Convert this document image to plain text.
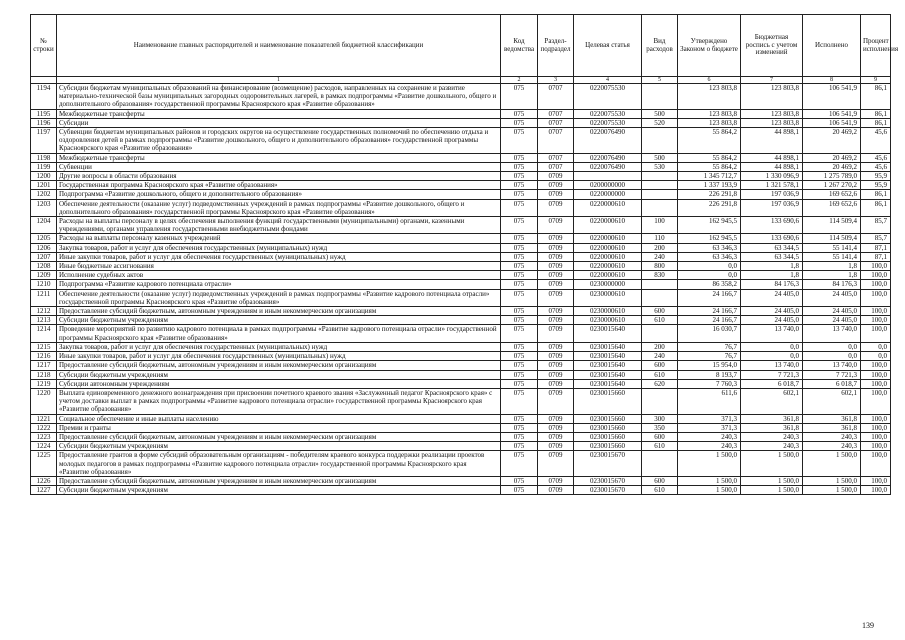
№ строки	Наименование главных распорядителей и наименование показателей бюджетной классификации	Код ведомства	Раздел-подраздел	Целевая статья	Вид расходов	Утверждено Законом о бюджете	Бюджетная роспись с учетом изменений	Исполнено	Процент исполнения
	1	2	3	4	5	6	7	8	9
1194	Субсидии бюджетам муниципальных образований на финансирование (возмещение) расходов, направленных на сохранение и развитие материально-технической базы муниципальных загородных оздоровительных лагерей, в рамках подпрограммы «Развитие дошкольного, общего и дополнительного образования» государственной программы Красноярского края «Развитие образования»	075	0707	0220075530		123 803,8	123 803,8	106 541,9	86,1
1195	Межбюджетные трансферты	075	0707	0220075530	500	123 803,8	123 803,8	106 541,9	86,1
1196	Субсидии	075	0707	0220075530	520	123 803,8	123 803,8	106 541,9	86,1
1197	Субвенции бюджетам муниципальных районов и городских округов на осуществление государственных полномочий по обеспечению отдыха и оздоровления детей в рамках подпрограммы «Развитие дошкольного, общего и дополнительного образования» государственной программы Красноярского края «Развитие образования»	075	0707	0220076490		55 864,2	44 898,1	20 469,2	45,6
1198	Межбюджетные трансферты	075	0707	0220076490	500	55 864,2	44 898,1	20 469,2	45,6
1199	Субвенции	075	0707	0220076490	530	55 864,2	44 898,1	20 469,2	45,6
1200	Другие вопросы в области образования	075	0709			1 345 712,7	1 330 096,9	1 275 789,0	95,9
1201	Государственная программа Красноярского края «Развитие образования»	075	0709	0200000000		1 337 193,9	1 321 578,1	1 267 270,2	95,9
1202	Подпрограмма «Развитие дошкольного, общего и дополнительного образования»	075	0709	0220000000		226 291,8	197 036,9	169 652,6	86,1
1203	Обеспечение деятельности (оказание услуг) подведомственных учреждений в рамках подпрограммы «Развитие дошкольного, общего и дополнительного образования» государственной программы Красноярского края «Развитие образования»	075	0709	0220000610		226 291,8	197 036,9	169 652,6	86,1
1204	Расходы на выплаты персоналу в целях обеспечения выполнения функций государственными (муниципальными) органами, казенными учреждениями, органами управления государственными внебюджетными фондами	075	0709	0220000610	100	162 945,5	133 690,6	114 509,4	85,7
1205	Расходы на выплаты персоналу казенных учреждений	075	0709	0220000610	110	162 945,5	133 690,6	114 509,4	85,7
1206	Закупка товаров, работ и услуг для обеспечения государственных (муниципальных) нужд	075	0709	0220000610	200	63 346,3	63 344,5	55 141,4	87,1
1207	Иные закупки товаров, работ и услуг для обеспечения государственных (муниципальных) нужд	075	0709	0220000610	240	63 346,3	63 344,5	55 141,4	87,1
1208	Иные бюджетные ассигнования	075	0709	0220000610	800	0,0	1,8	1,8	100,0
1209	Исполнение судебных актов	075	0709	0220000610	830	0,0	1,8	1,8	100,0
1210	Подпрограмма «Развитие кадрового потенциала отрасли»	075	0709	0230000000		86 358,2	84 176,3	84 176,3	100,0
1211	Обеспечение деятельности (оказание услуг) подведомственных учреждений в рамках подпрограммы «Развитие кадрового потенциала отрасли» государственной программы Красноярского края «Развитие образования»	075	0709	0230000610		24 166,7	24 405,0	24 405,0	100,0
1212	Предоставление субсидий бюджетным, автономным учреждениям и иным некоммерческим организациям	075	0709	0230000610	600	24 166,7	24 405,0	24 405,0	100,0
1213	Субсидии бюджетным учреждениям	075	0709	0230000610	610	24 166,7	24 405,0	24 405,0	100,0
1214	Проведение мероприятий по развитию кадрового потенциала в рамках подпрограммы «Развитие кадрового потенциала отрасли» государственной программы Красноярского края «Развитие образования»	075	0709	0230015640		16 030,7	13 740,0	13 740,0	100,0
1215	Закупка товаров, работ и услуг для обеспечения государственных (муниципальных) нужд	075	0709	0230015640	200	76,7	0,0	0,0	0,0
1216	Иные закупки товаров, работ и услуг для обеспечения государственных (муниципальных) нужд	075	0709	0230015640	240	76,7	0,0	0,0	0,0
1217	Предоставление субсидий бюджетным, автономным учреждениям и иным некоммерческим организациям	075	0709	0230015640	600	15 954,0	13 740,0	13 740,0	100,0
1218	Субсидии бюджетным учреждениям	075	0709	0230015640	610	8 193,7	7 721,3	7 721,3	100,0
1219	Субсидии автономным учреждениям	075	0709	0230015640	620	7 760,3	6 018,7	6 018,7	100,0
1220	Выплата единовременного денежного вознаграждения при присвоении почетного краевого звания «Заслуженный педагог Красноярского края» с учетом доставки выплат в рамках подпрограммы «Развитие кадрового потенциала отрасли» государственной программы Красноярского края «Развитие образования»	075	0709	0230015660		611,6	602,1	602,1	100,0
1221	Социальное обеспечение и иные выплаты населению	075	0709	0230015660	300	371,3	361,8	361,8	100,0
1222	Премии и гранты	075	0709	0230015660	350	371,3	361,8	361,8	100,0
1223	Предоставление субсидий бюджетным, автономным учреждениям и иным некоммерческим организациям	075	0709	0230015660	600	240,3	240,3	240,3	100,0
1224	Субсидии бюджетным учреждениям	075	0709	0230015660	610	240,3	240,3	240,3	100,0
1225	Предоставление грантов в форме субсидий образовательным организациям - победителям краевого конкурса поддержки реализации проектов молодых педагогов в рамках подпрограммы «Развитие кадрового потенциала отрасли» государственной программы Красноярского края «Развитие образования»	075	0709	0230015670		1 500,0	1 500,0	1 500,0	100,0
1226	Предоставление субсидий бюджетным, автономным учреждениям и иным некоммерческим организациям	075	0709	0230015670	600	1 500,0	1 500,0	1 500,0	100,0
1227	Субсидии бюджетным учреждениям	075	0709	0230015670	610	1 500,0	1 500,0	1 500,0	100,0
139
